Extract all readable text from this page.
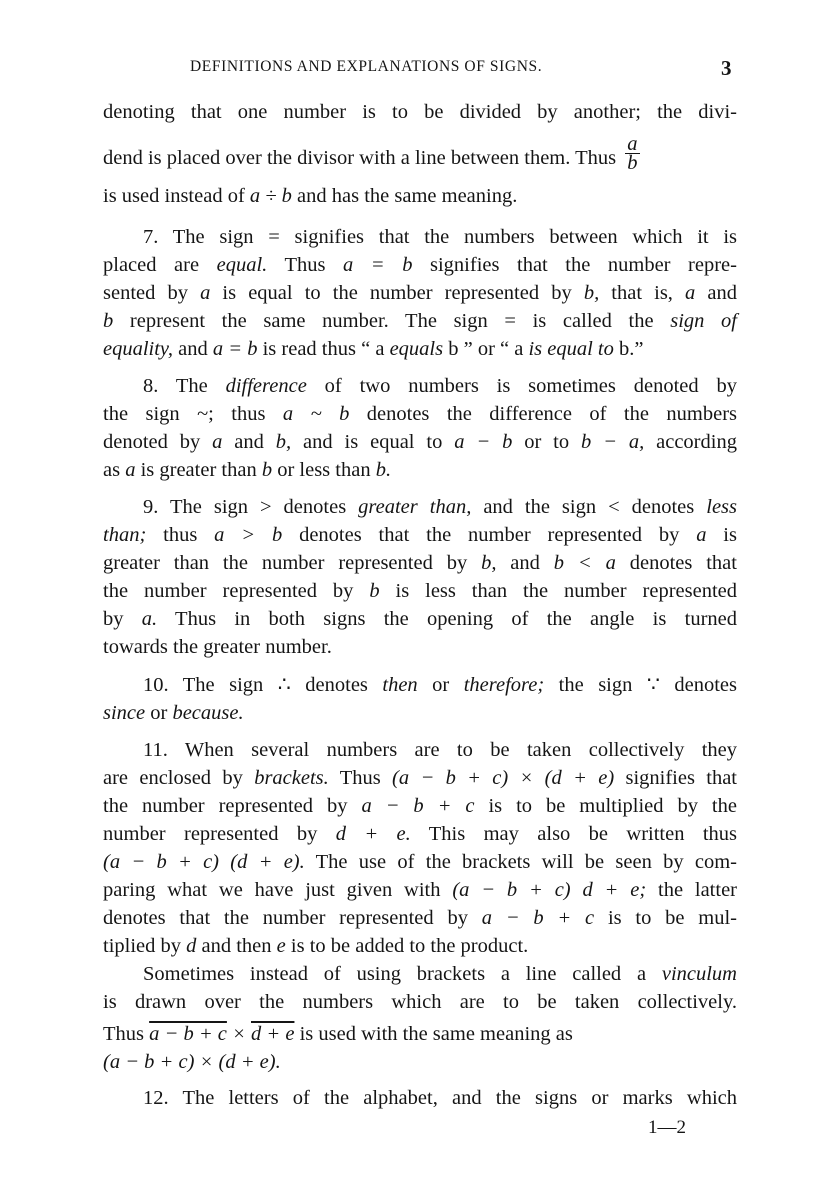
DEFINITIONS AND EXPLANATIONS OF SIGNS.	3
denoting that one number is to be divided by another; the divi-
dend is placed over the divisor with a line between them. Thus $\frac{a}{b}$
is used instead of a ÷ b and has the same meaning.
7. The sign = signifies that the numbers between which it is
placed are equal. Thus a = b signifies that the number repre-
sented by a is equal to the number represented by b, that is, a and
b represent the same number. The sign = is called the sign of
equality, and a = b is read thus “ a equals b ” or “ a is equal to b.”
8. The difference of two numbers is sometimes denoted by
the sign ~; thus a ~ b denotes the difference of the numbers
denoted by a and b, and is equal to a − b or to b − a, according
as a is greater than b or less than b.
9. The sign > denotes greater than, and the sign < denotes less
than; thus a > b denotes that the number represented by a is
greater than the number represented by b, and b < a denotes that
the number represented by b is less than the number represented
by a. Thus in both signs the opening of the angle is turned
towards the greater number.
10. The sign ∴ denotes then or therefore; the sign ∵ denotes
since or because.
11. When several numbers are to be taken collectively they
are enclosed by brackets. Thus (a − b + c) × (d + e) signifies that
the number represented by a − b + c is to be multiplied by the
number represented by d + e. This may also be written thus
(a − b + c) (d + e). The use of the brackets will be seen by com-
paring what we have just given with (a − b + c) d + e; the latter
denotes that the number represented by a − b + c is to be mul-
tiplied by d and then e is to be added to the product.
Sometimes instead of using brackets a line called a vinculum
is drawn over the numbers which are to be taken collectively.
Thus a − b + c × d + e is used with the same meaning as
(a − b + c) × (d + e).
12. The letters of the alphabet, and the signs or marks which
1—2
